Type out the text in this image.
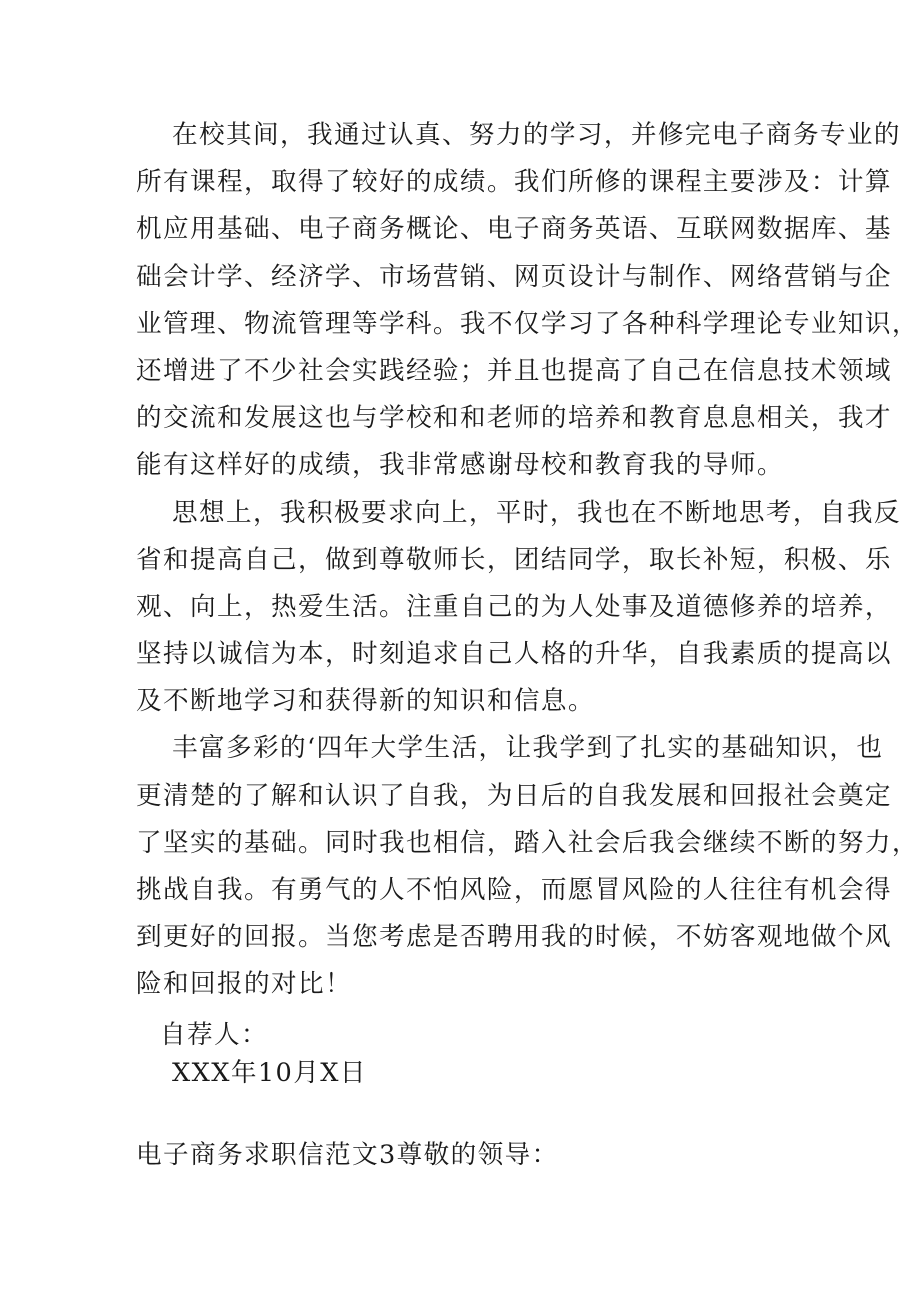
在校其间，我通过认真、努力的学习，并修完电子商务专业的
所有课程，取得了较好的成绩。我们所修的课程主要涉及：计算
机应用基础、电子商务概论、电子商务英语、互联网数据库、基
础会计学、经济学、市场营销、网页设计与制作、网络营销与企
业管理、物流管理等学科。我不仅学习了各种科学理论专业知识，
还增进了不少社会实践经验；并且也提高了自己在信息技术领域
的交流和发展这也与学校和和老师的培养和教育息息相关，我才
能有这样好的成绩，我非常感谢母校和教育我的导师。
思想上，我积极要求向上，平时，我也在不断地思考，自我反
省和提高自己，做到尊敬师长，团结同学，取长补短，积极、乐
观、向上，热爱生活。注重自己的为人处事及道德修养的培养，
坚持以诚信为本，时刻追求自己人格的升华，自我素质的提高以
及不断地学习和获得新的知识和信息。
丰富多彩的‘四年大学生活，让我学到了扎实的基础知识，也
更清楚的了解和认识了自我，为日后的自我发展和回报社会奠定
了坚实的基础。同时我也相信，踏入社会后我会继续不断的努力，
挑战自我。有勇气的人不怕风险，而愿冒风险的人往往有机会得
到更好的回报。当您考虑是否聘用我的时候，不妨客观地做个风
险和回报的对比！
自荐人：
XXX年10月X日
电子商务求职信范文3尊敬的领导：
